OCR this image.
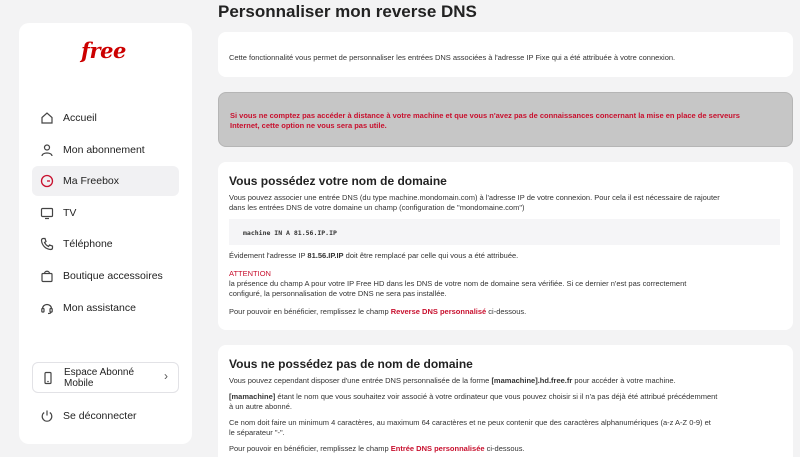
free
Accueil
Mon abonnement
Ma Freebox
TV
Téléphone
Boutique accessoires
Mon assistance
Espace Abonné
Mobile	›
Se déconnecter
Personnaliser mon reverse DNS
Cette fonctionnalité vous permet de personnaliser les entrées DNS associées à l'adresse IP Fixe qui a été attribuée à votre connexion.
Si vous ne comptez pas accéder à distance à votre machine et que vous n'avez pas de connaissances concernant la mise en place de serveurs
Internet, cette option ne vous sera pas utile.
Vous possédez votre nom de domaine

Vous pouvez associer une entrée DNS (du type machine.mondomain.com) à l'adresse IP de votre connexion. Pour cela il est nécessaire de rajouter
dans les entrées DNS de votre domaine un champ (configuration de "mondomaine.com")

machine IN A 81.56.IP.IP

Évidement l'adresse IP 81.56.IP.IP doit être remplacé par celle qui vous a été attribuée.

ATTENTION
la présence du champ A pour votre IP Free HD dans les DNS de votre nom de domaine sera vérifiée. Si ce dernier n'est pas correctement
configuré, la personnalisation de votre DNS ne sera pas installée.

Pour pouvoir en bénéficier, remplissez le champ Reverse DNS personnalisé ci-dessous.

Vous ne possédez pas de nom de domaine

Vous pouvez cependant disposer d'une entrée DNS personnalisée de la forme [mamachine].hd.free.fr pour accéder à votre machine.

[mamachine] étant le nom que vous souhaitez voir associé à votre ordinateur que vous pouvez choisir si il n'a pas déjà été attribué précédemment
à un autre abonné.

Ce nom doit faire un minimum 4 caractères, au maximum 64 caractères et ne peux contenir que des caractères alphanumériques (a-z A-Z 0-9) et
le séparateur "-".

Pour pouvoir en bénéficier, remplissez le champ Entrée DNS personnalisée ci-dessous.
